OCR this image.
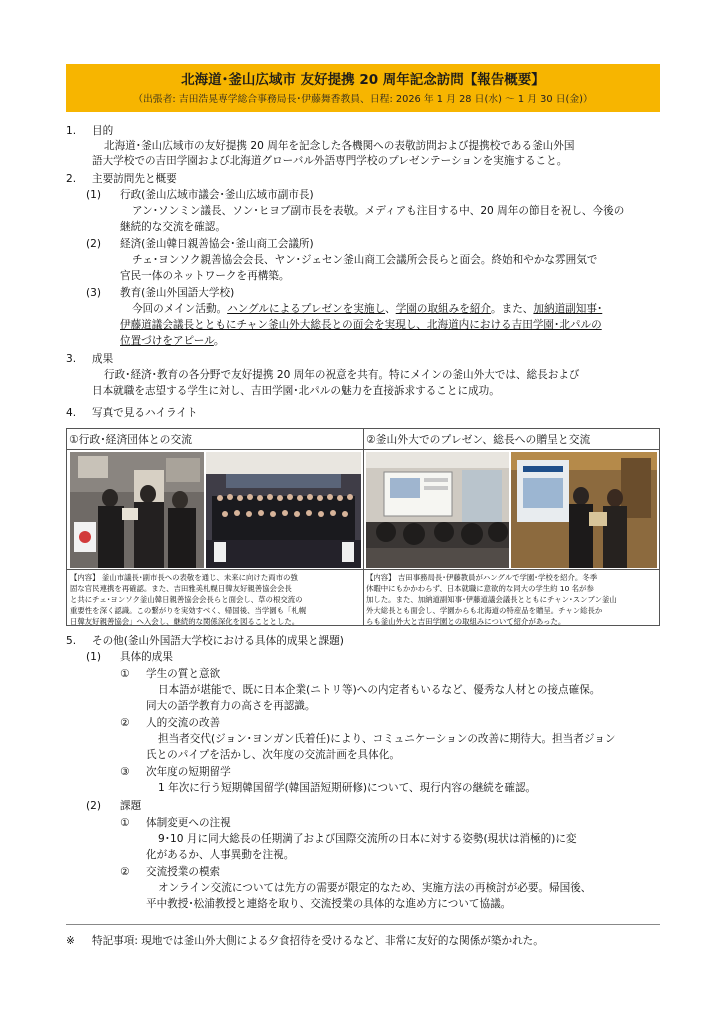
北海道･釜山広域市 友好提携 20 周年記念訪問【報告概要】
（出張者: 吉田浩晃専学総合事務局長･伊藤舞香教員、日程: 2026 年 1 月 28 日(水) ～ 1 月 30 日(金)）
1. 目的
北海道･釜山広域市の友好提携 20 周年を記念した各機関への表敬訪問および提携校である釜山外国
語大学校での吉田学園および北海道グローバル外語専門学校のプレゼンテーションを実施すること。
2. 主要訪問先と概要
(1) 行政(釜山広域市議会･釜山広域市副市長)
アン･ソンミン議長、ソン･ヒヨブ副市長を表敬。メディアも注目する中、20 周年の節目を祝し、今後の
継続的な交流を確認。
(2) 経済(釜山韓日親善協会･釜山商工会議所)
チェ･ヨンソク親善協会会長、ヤン･ジェセン釜山商工会議所会長らと面会。終始和やかな雰囲気で
官民一体のネットワークを再構築。
(3) 教育(釜山外国語大学校)
今回のメイン活動。ハングルによるプレゼンを実施し、学園の取組みを紹介。また、加納道副知事･
伊藤道議会議長とともにチャン釜山外大総長との面会を実現し、北海道内における吉田学園･北パルの
位置づけをアピール。
3. 成果
行政･経済･教育の各分野で友好提携 20 周年の祝意を共有。特にメインの釜山外大では、総長および
日本就職を志望する学生に対し、吉田学園･北パルの魅力を直接訴求することに成功。
4. 写真で見るハイライト
①行政･経済団体との交流	②釜山外大でのプレゼン、総長への贈呈と交流
【内容】 釜山市議長･副市長への表敬を通じ、未来に向けた両市の強
固な官民連携を再確認。また、吉田雅美札幌日韓友好親善協会会長
と共にチェ･ヨンソク釜山韓日親善協会会長らと面会し、草の根交流の
重要性を深く認識。この繋がりを実効すべく、帰国後、当学園も「札幌
日韓友好親善協会」へ入会し、継続的な関係深化を図ることとした。
【内容】 吉田事務局長･伊藤教員がハングルで学園･学校を紹介。冬季
休暇中にもかかわらず、日本就職に意欲的な同大の学生約 10 名が参
加した。また、加納道副知事･伊藤道議会議長とともにチャン･スンブン釜山
外大総長とも面会し、学園からも北海道の特産品を贈呈。チャン総長か
らも釜山外大と吉田学園との取組みについて紹介があった。
5. その他(釜山外国語大学校における具体的成果と課題)
(1) 具体的成果
① 学生の質と意欲
日本語が堪能で、既に日本企業(ニトリ等)への内定者もいるなど、優秀な人材との接点確保。
同大の語学教育力の高さを再認識。
② 人的交流の改善
担当者交代(ジョン･ヨンガン氏着任)により、コミュニケーションの改善に期待大。担当者ジョン
氏とのパイプを活かし、次年度の交流計画を具体化。
③ 次年度の短期留学
1 年次に行う短期韓国留学(韓国語短期研修)について、現行内容の継続を確認。
(2) 課題
① 体制変更への注視
9･10 月に同大総長の任期満了および国際交流所の日本に対する姿勢(現状は消極的)に変
化があるか、人事異動を注視。
② 交流授業の模索
オンライン交流については先方の需要が限定的なため、実施方法の再検討が必要。帰国後、
平中教授･松浦教授と連絡を取り、交流授業の具体的な進め方について協議。
※ 特記事項: 現地では釜山外大側による夕食招待を受けるなど、非常に友好的な関係が築かれた。
